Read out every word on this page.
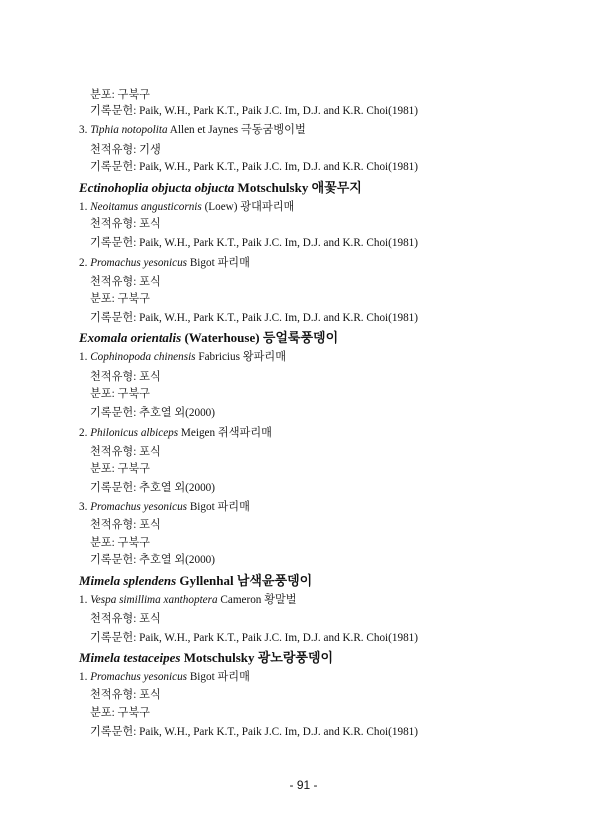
분포: 구북구
기록문헌: Paik, W.H., Park K.T., Paik J.C. Im, D.J. and K.R. Choi(1981)
3. Tiphia notopolita Allen et Jaynes 극동굼벵이벌
천적유형: 기생
기록문헌: Paik, W.H., Park K.T., Paik J.C. Im, D.J. and K.R. Choi(1981)
Ectinohoplia objucta objucta Motschulsky 애꽃무지
1. Neoitamus angusticornis (Loew) 광대파리매
천적유형: 포식
기록문헌: Paik, W.H., Park K.T., Paik J.C. Im, D.J. and K.R. Choi(1981)
2. Promachus yesonicus Bigot 파리매
천적유형: 포식
분포: 구북구
기록문헌: Paik, W.H., Park K.T., Paik J.C. Im, D.J. and K.R. Choi(1981)
Exomala orientalis (Waterhouse) 등얼룩풍뎅이
1. Cophinopoda chinensis Fabricius 왕파리매
천적유형: 포식
분포: 구북구
기록문헌: 추호열 외(2000)
2. Philonicus albiceps Meigen 쥐색파리매
천적유형: 포식
분포: 구북구
기록문헌: 추호열 외(2000)
3. Promachus yesonicus Bigot 파리매
천적유형: 포식
분포: 구북구
기록문헌: 추호열 외(2000)
Mimela splendens Gyllenhal 남색윤풍뎅이
1. Vespa simillima xanthoptera Cameron 황말벌
천적유형: 포식
기록문헌: Paik, W.H., Park K.T., Paik J.C. Im, D.J. and K.R. Choi(1981)
Mimela testaceipes Motschulsky 광노랑풍뎅이
1. Promachus yesonicus Bigot 파리매
천적유형: 포식
분포: 구북구
기록문헌: Paik, W.H., Park K.T., Paik J.C. Im, D.J. and K.R. Choi(1981)
- 91 -
